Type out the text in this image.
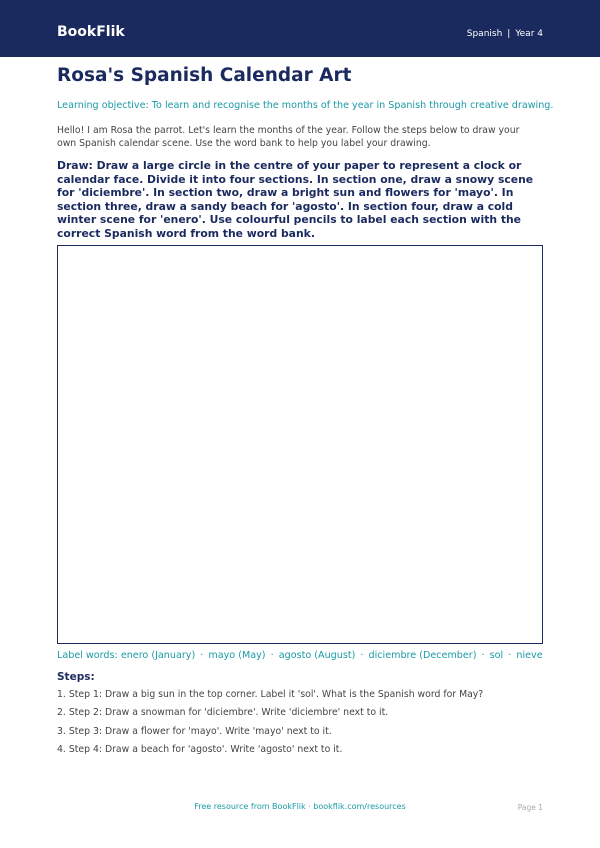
BookFlik	Spanish | Year 4
Rosa's Spanish Calendar Art
Learning objective: To learn and recognise the months of the year in Spanish through creative drawing.
Hello! I am Rosa the parrot. Let's learn the months of the year. Follow the steps below to draw your own Spanish calendar scene. Use the word bank to help you label your drawing.
Draw: Draw a large circle in the centre of your paper to represent a clock or calendar face. Divide it into four sections. In section one, draw a snowy scene for 'diciembre'. In section two, draw a bright sun and flowers for 'mayo'. In section three, draw a sandy beach for 'agosto'. In section four, draw a cold winter scene for 'enero'. Use colourful pencils to label each section with the correct Spanish word from the word bank.
Label words: enero (January) · mayo (May) · agosto (August) · diciembre (December) · sol · nieve
Steps:
1. Step 1: Draw a big sun in the top corner. Label it 'sol'. What is the Spanish word for May?
2. Step 2: Draw a snowman for 'diciembre'. Write 'diciembre' next to it.
3. Step 3: Draw a flower for 'mayo'. Write 'mayo' next to it.
4. Step 4: Draw a beach for 'agosto'. Write 'agosto' next to it.
Free resource from BookFlik · bookflik.com/resources	Page 1
